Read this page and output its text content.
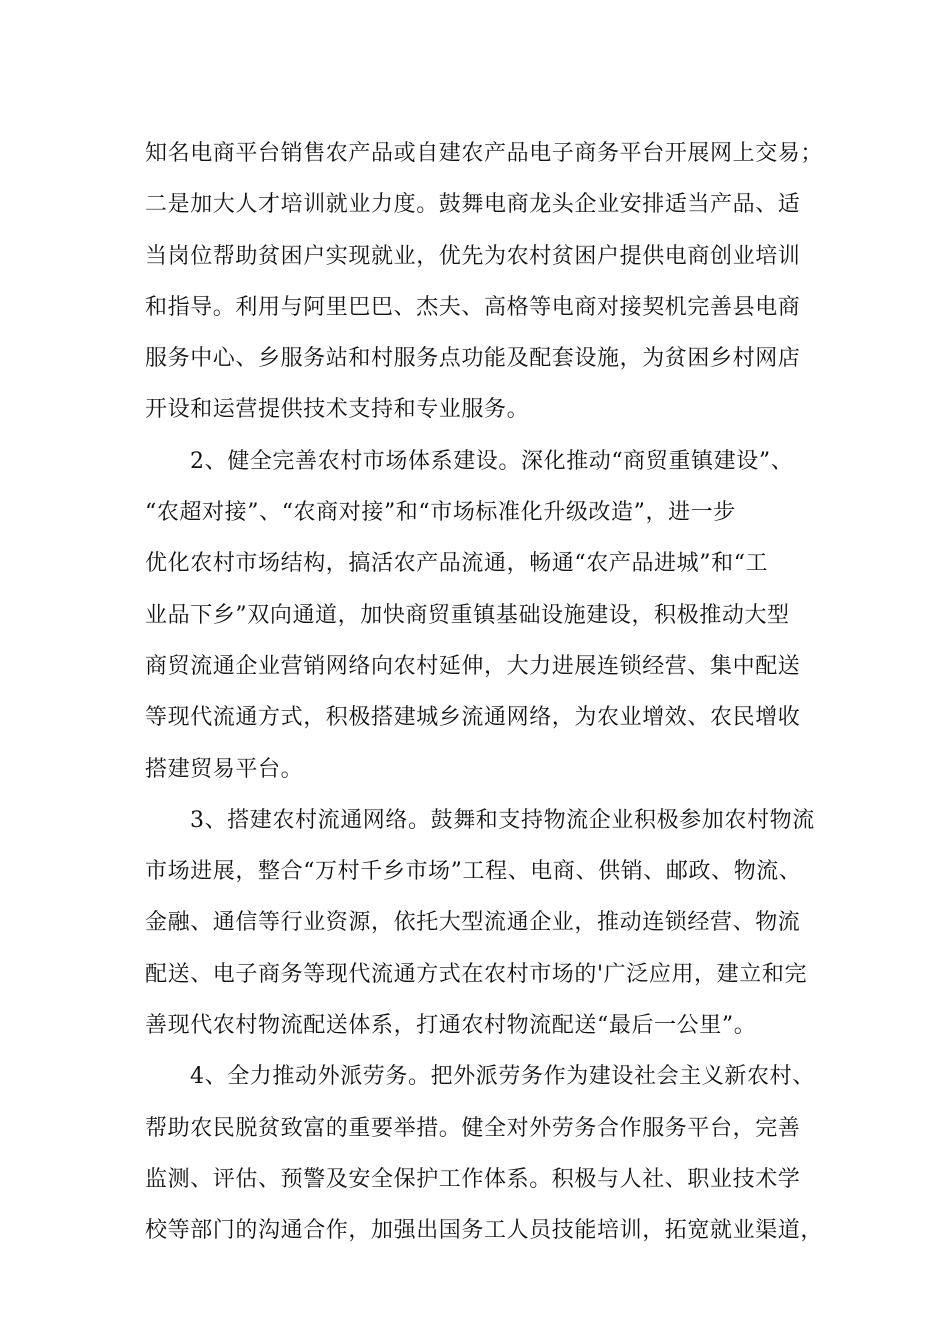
知名电商平台销售农产品或自建农产品电子商务平台开展网上交易；
二是加大人才培训就业力度。鼓舞电商龙头企业安排适当产品、适
当岗位帮助贫困户实现就业，优先为农村贫困户提供电商创业培训
和指导。利用与阿里巴巴、杰夫、高格等电商对接契机完善县电商
服务中心、乡服务站和村服务点功能及配套设施，为贫困乡村网店
开设和运营提供技术支持和专业服务。
2、健全完善农村市场体系建设。深化推动“商贸重镇建设”、
“农超对接”、“农商对接”和“市场标准化升级改造”，进一步
优化农村市场结构，搞活农产品流通，畅通“农产品进城”和“工
业品下乡”双向通道，加快商贸重镇基础设施建设，积极推动大型
商贸流通企业营销网络向农村延伸，大力进展连锁经营、集中配送
等现代流通方式，积极搭建城乡流通网络，为农业增效、农民增收
搭建贸易平台。
3、搭建农村流通网络。鼓舞和支持物流企业积极参加农村物流
市场进展，整合“万村千乡市场”工程、电商、供销、邮政、物流、
金融、通信等行业资源，依托大型流通企业，推动连锁经营、物流
配送、电子商务等现代流通方式在农村市场的'广泛应用，建立和完
善现代农村物流配送体系，打通农村物流配送“最后一公里”。
4、全力推动外派劳务。把外派劳务作为建设社会主义新农村、
帮助农民脱贫致富的重要举措。健全对外劳务合作服务平台，完善
监测、评估、预警及安全保护工作体系。积极与人社、职业技术学
校等部门的沟通合作，加强出国务工人员技能培训，拓宽就业渠道，
